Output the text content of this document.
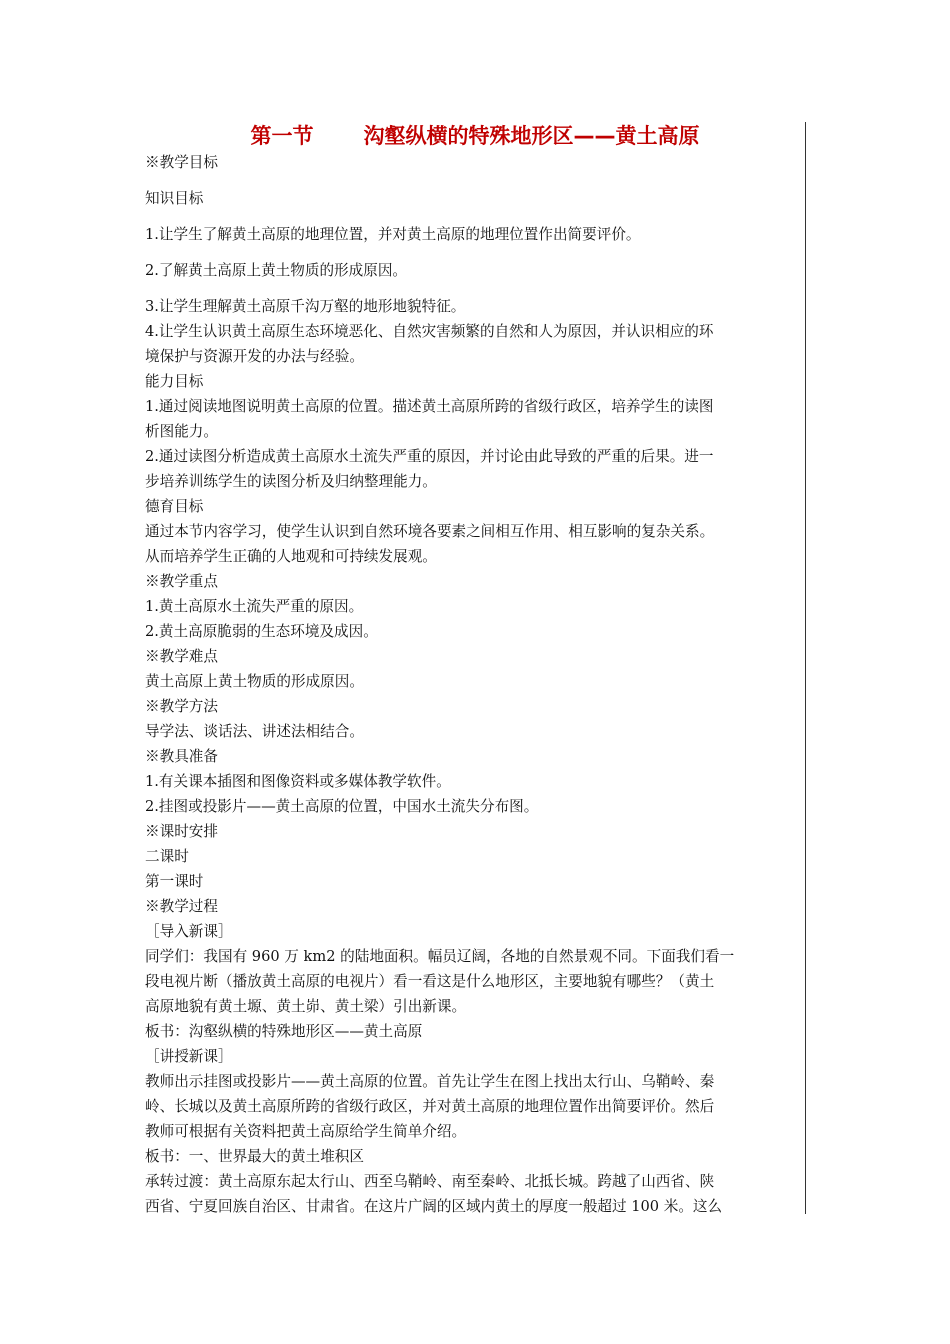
第一节 沟壑纵横的特殊地形区——黄土高原
※教学目标
知识目标
1.让学生了解黄土高原的地理位置，并对黄土高原的地理位置作出简要评价。
2.了解黄土高原上黄土物质的形成原因。
3.让学生理解黄土高原千沟万壑的地形地貌特征。
4.让学生认识黄土高原生态环境恶化、自然灾害频繁的自然和人为原因，并认识相应的环
境保护与资源开发的办法与经验。
能力目标
1.通过阅读地图说明黄土高原的位置。描述黄土高原所跨的省级行政区，培养学生的读图
析图能力。
2.通过读图分析造成黄土高原水土流失严重的原因，并讨论由此导致的严重的后果。进一
步培养训练学生的读图分析及归纳整理能力。
德育目标
通过本节内容学习，使学生认识到自然环境各要素之间相互作用、相互影响的复杂关系。
从而培养学生正确的人地观和可持续发展观。
※教学重点
1.黄土高原水土流失严重的原因。
2.黄土高原脆弱的生态环境及成因。
※教学难点
黄土高原上黄土物质的形成原因。
※教学方法
导学法、谈话法、讲述法相结合。
※教具准备
1.有关课本插图和图像资料或多媒体教学软件。
2.挂图或投影片——黄土高原的位置，中国水土流失分布图。
※课时安排
二课时
第一课时
※教学过程
［导入新课］
同学们：我国有 960 万 km2 的陆地面积。幅员辽阔，各地的自然景观不同。下面我们看一
段电视片断（播放黄土高原的电视片）看一看这是什么地形区，主要地貌有哪些？（黄土
高原地貌有黄土塬、黄土峁、黄土梁）引出新课。
板书：沟壑纵横的特殊地形区——黄土高原
［讲授新课］
教师出示挂图或投影片——黄土高原的位置。首先让学生在图上找出太行山、乌鞘岭、秦
岭、长城以及黄土高原所跨的省级行政区，并对黄土高原的地理位置作出简要评价。然后
教师可根据有关资料把黄土高原给学生简单介绍。
板书：一、世界最大的黄土堆积区
承转过渡：黄土高原东起太行山、西至乌鞘岭、南至秦岭、北抵长城。跨越了山西省、陕
西省、宁夏回族自治区、甘肃省。在这片广阔的区域内黄土的厚度一般超过 100 米。这么
